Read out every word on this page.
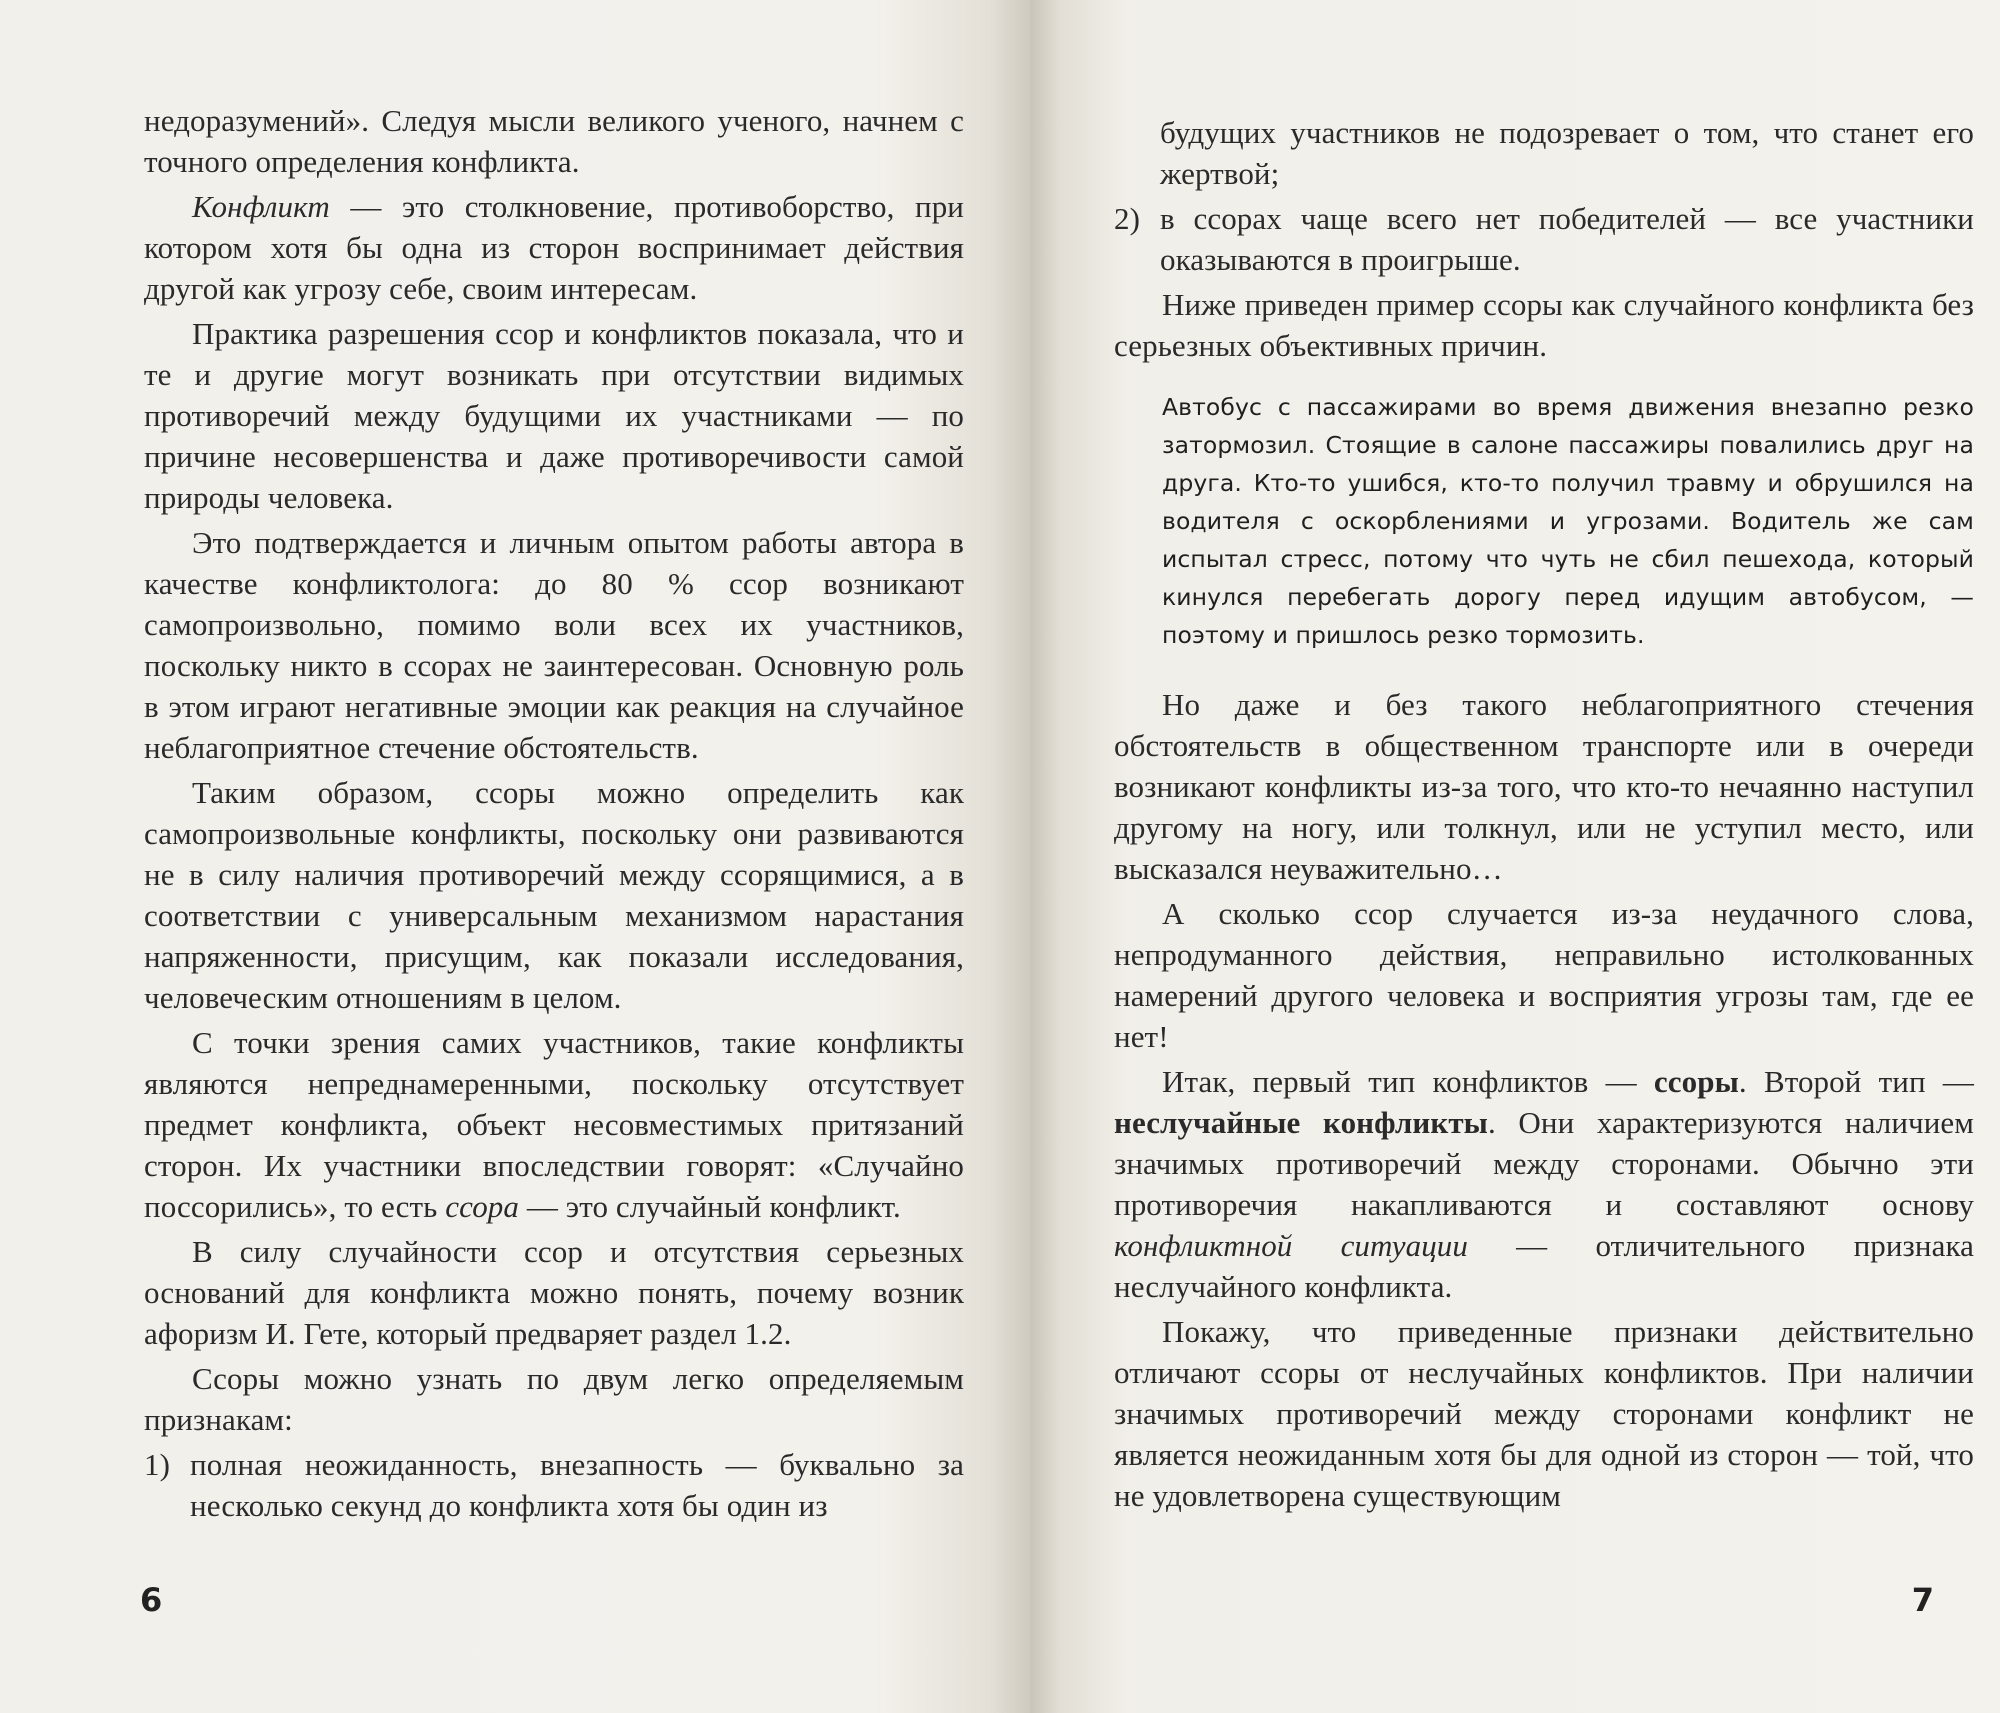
недоразумений». Следуя мысли великого ученого, начнем с точного определения конфликта.

Конфликт — это столкновение, противоборство, при котором хотя бы одна из сторон воспринимает действия другой как угрозу себе, своим интересам.

Практика разрешения ссор и конфликтов показала, что и те и другие могут возникать при отсутствии видимых противоречий между будущими их участниками — по причине несовершенства и даже противоречивости самой природы человека.

Это подтверждается и личным опытом работы автора в качестве конфликтолога: до 80 % ссор возникают самопроизвольно, помимо воли всех их участников, поскольку никто в ссорах не заинтересован. Основную роль в этом играют негативные эмоции как реакция на случайное неблагоприятное стечение обстоятельств.

Таким образом, ссоры можно определить как самопроизвольные конфликты, поскольку они развиваются не в силу наличия противоречий между ссорящимися, а в соответствии с универсальным механизмом нарастания напряженности, присущим, как показали исследования, человеческим отношениям в целом.

С точки зрения самих участников, такие конфликты являются непреднамеренными, поскольку отсутствует предмет конфликта, объект несовместимых притязаний сторон. Их участники впоследствии говорят: «Случайно поссорились», то есть ссора — это случайный конфликт.

В силу случайности ссор и отсутствия серьезных оснований для конфликта можно понять, почему возник афоризм И. Гете, который предваряет раздел 1.2.

Ссоры можно узнать по двум легко определяемым признакам:

1) полная неожиданность, внезапность — буквально за несколько секунд до конфликта хотя бы один из
6
будущих участников не подозревает о том, что станет его жертвой;
2) в ссорах чаще всего нет победителей — все участники оказываются в проигрыше.

Ниже приведен пример ссоры как случайного конфликта без серьезных объективных причин.

Автобус с пассажирами во время движения внезапно резко затормозил. Стоящие в салоне пассажиры повалились друг на друга. Кто-то ушибся, кто-то получил травму и обрушился на водителя с оскорблениями и угрозами. Водитель же сам испытал стресс, потому что чуть не сбил пешехода, который кинулся перебегать дорогу перед идущим автобусом, — поэтому и пришлось резко тормозить.

Но даже и без такого неблагоприятного стечения обстоятельств в общественном транспорте или в очереди возникают конфликты из-за того, что кто-то нечаянно наступил другому на ногу, или толкнул, или не уступил место, или высказался неуважительно…

А сколько ссор случается из-за неудачного слова, непродуманного действия, неправильно истолкованных намерений другого человека и восприятия угрозы там, где ее нет!

Итак, первый тип конфликтов — ссоры. Второй тип — неслучайные конфликты. Они характеризуются наличием значимых противоречий между сторонами. Обычно эти противоречия накапливаются и составляют основу конфликтной ситуации — отличительного признака неслучайного конфликта.

Покажу, что приведенные признаки действительно отличают ссоры от неслучайных конфликтов. При наличии значимых противоречий между сторонами конфликт не является неожиданным хотя бы для одной из сторон — той, что не удовлетворена существующим

7
